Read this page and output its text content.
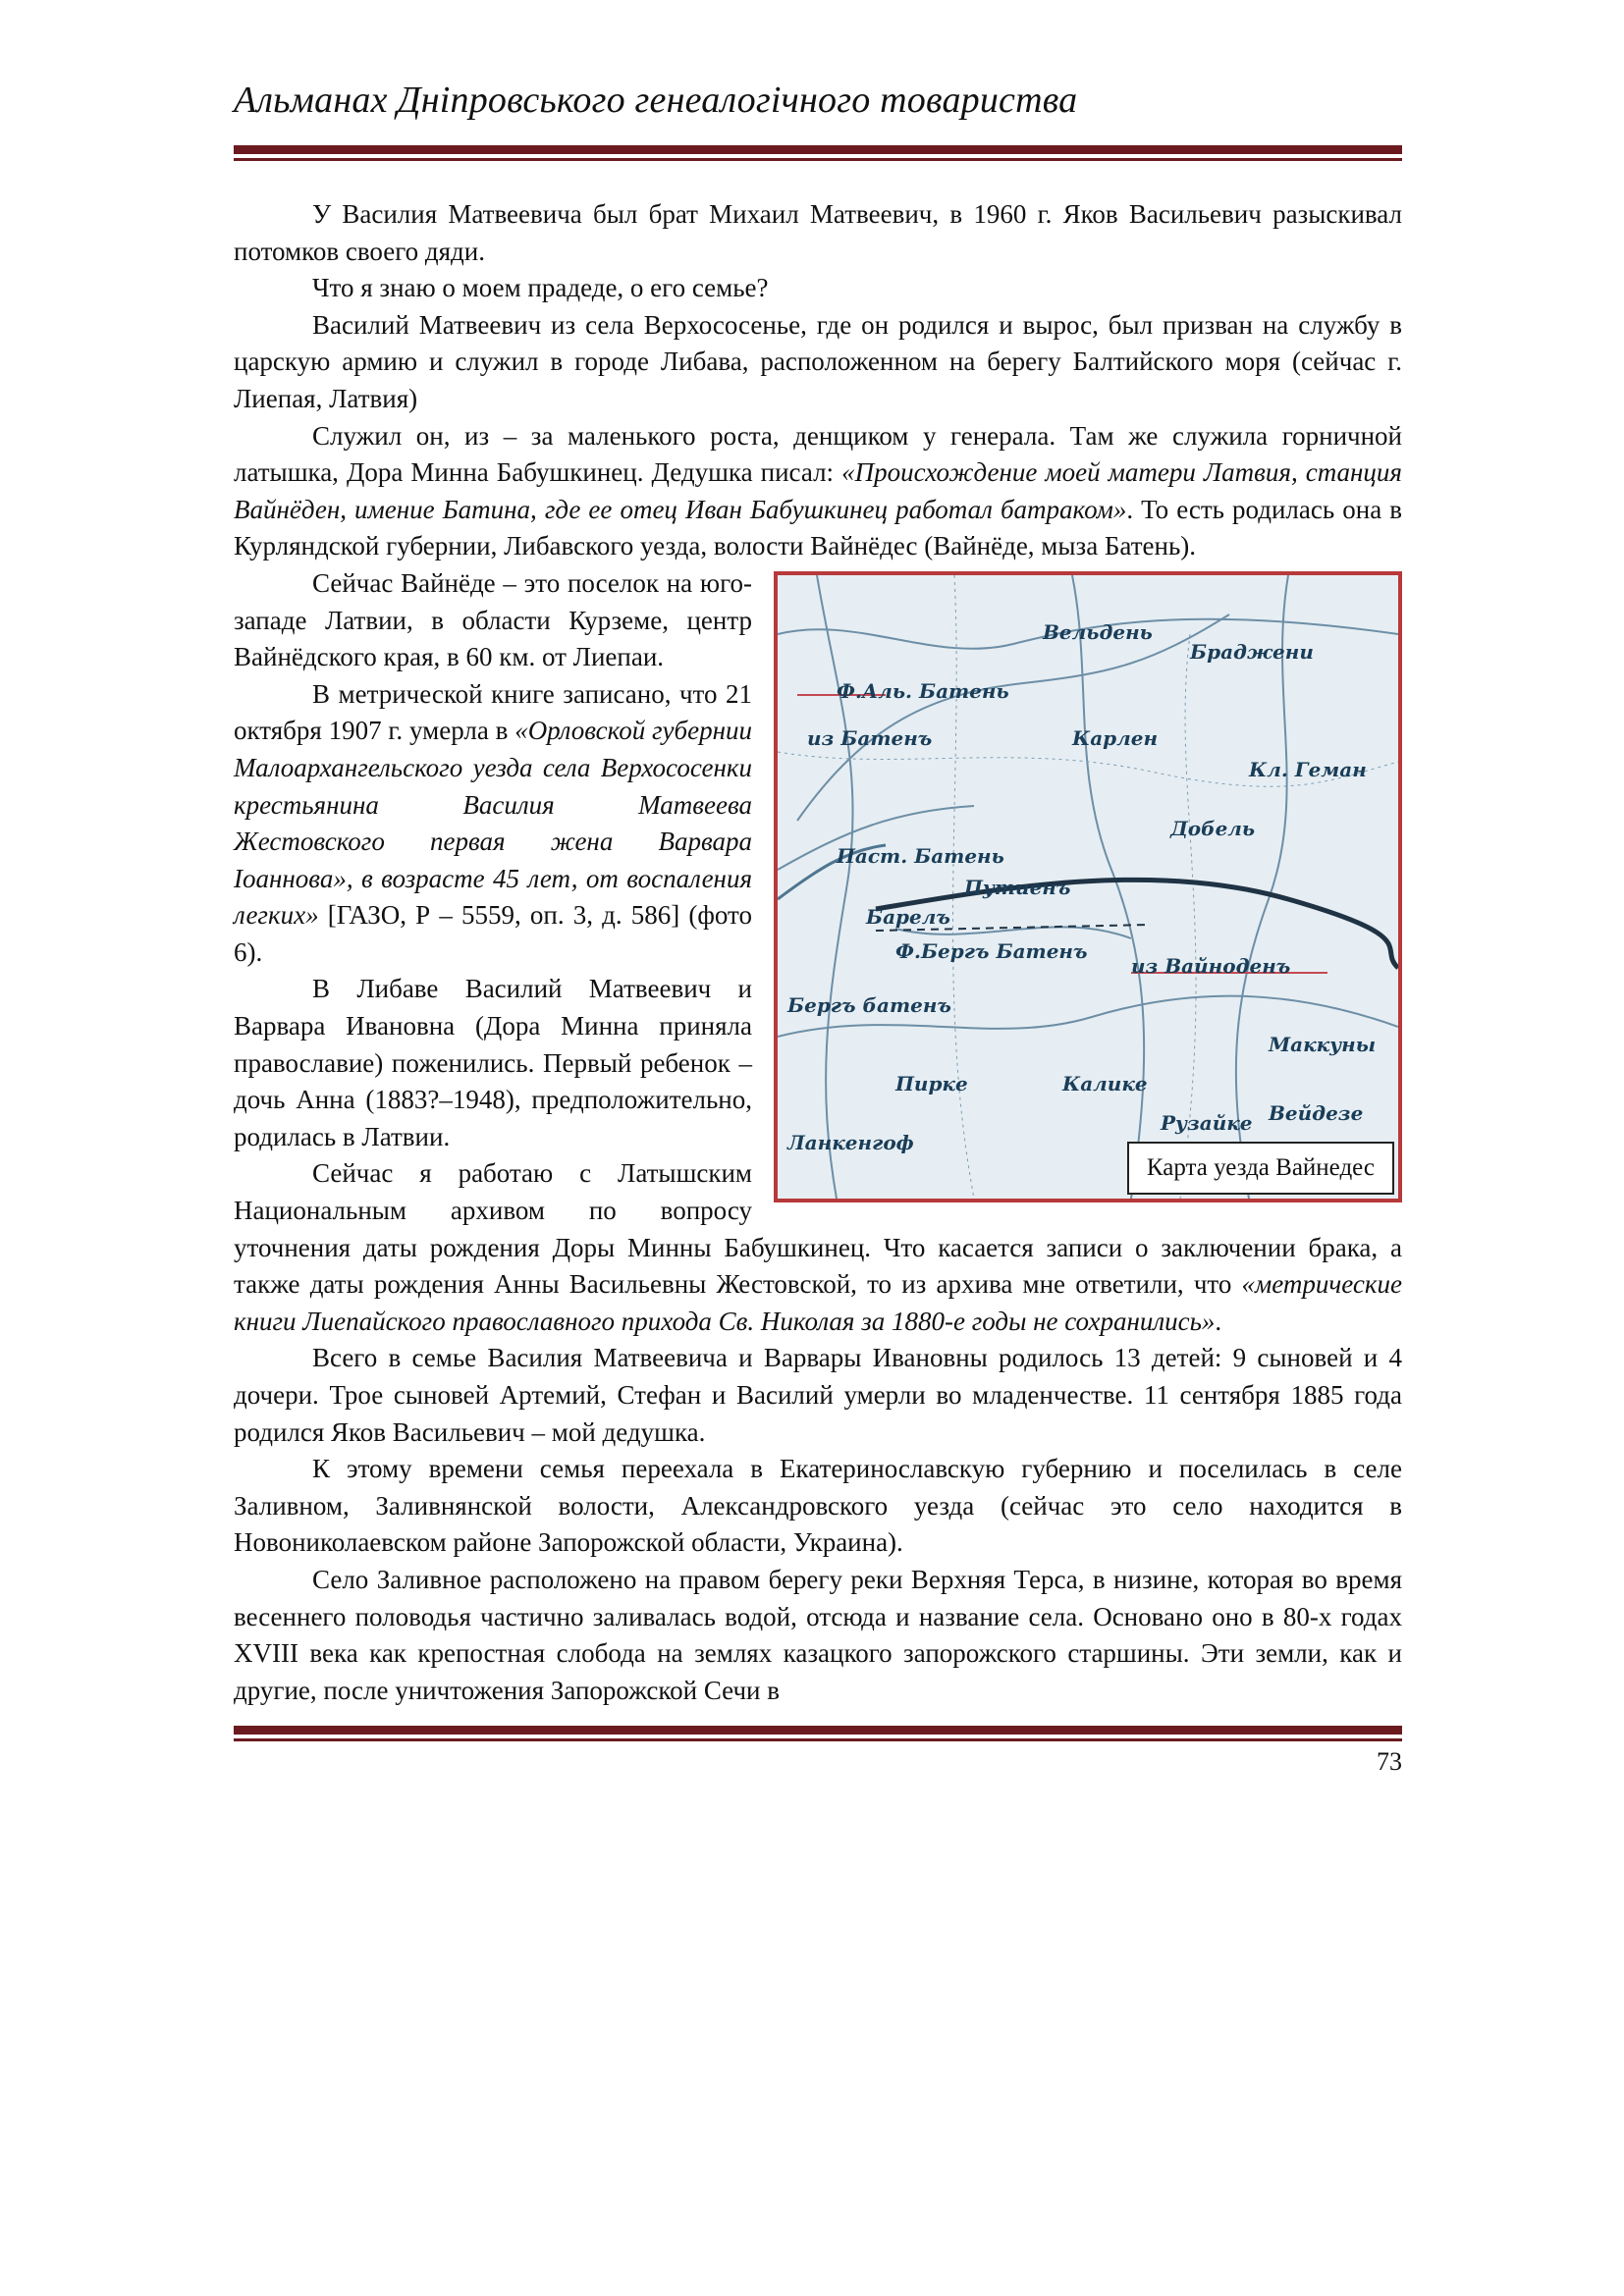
Альманах Дніпровського генеалогічного товариства

У Василия Матвеевича был брат Михаил Матвеевич, в 1960 г. Яков Васильевич разыскивал потомков своего дяди.

Что я знаю о моем прадеде, о его семье?

Василий Матвеевич из села Верхососенье, где он родился и вырос, был призван на службу в царскую армию и служил в городе Либава, расположенном на берегу Балтийского моря (сейчас г. Лиепая, Латвия)

Служил он, из – за маленького роста, денщиком у генерала. Там же служила горничной латышка, Дора Минна Бабушкинец. Дедушка писал: «Происхождение моей матери Латвия, станция Вайнёден, имение Батина, где ее отец Иван Бабушкинец работал батраком». То есть родилась она в Курляндской губернии, Либавского уезда, волости Вайнёдес (Вайнёде, мыза Батень).

Вельдень
Браджени
Ф.Аль. Батень
из Батенъ	Карлен
Кл. Геман
Добель
Паст. Батень
Путиенъ
Барелъ
Ф.Бергъ Батенъ
из Вайноденъ
Бергъ батенъ
Пирке	Калике
Рузайке
Ланкенгоф
Маккуны
Вейдезе
Карта уезда Вайнедес

Сейчас Вайнёде – это поселок на юго-западе Латвии, в области Курземе, центр Вайнёдского края, в 60 км. от Лиепаи.

В метрической книге записано, что 21 октября 1907 г. умерла в «Орловской губернии Малоархангельского уезда села Верхососенки крестьянина Василия Матвеева Жестовского первая жена Варвара Іоаннова», в возрасте 45 лет, от воспаления легких» [ГАЗО, Р – 5559, оп. 3, д. 586] (фото 6).

В Либаве Василий Матвеевич и Варвара Ивановна (Дора Минна приняла православие) поженились. Первый ребенок – дочь Анна (1883?–1948), предположительно, родилась в Латвии.

Сейчас я работаю с Латышским Национальным архивом по вопросу уточнения даты рождения Доры Минны Бабушкинец. Что касается записи о заключении брака, а также даты рождения Анны Васильевны Жестовской, то из архива мне ответили, что «метрические книги Лиепайского православного прихода Св. Николая за 1880-е годы не сохранились».

Всего в семье Василия Матвеевича и Варвары Ивановны родилось 13 детей: 9 сыновей и 4 дочери. Трое сыновей Артемий, Стефан и Василий умерли во младенчестве. 11 сентября 1885 года родился Яков Васильевич – мой дедушка.

К этому времени семья переехала в Екатеринославскую губернию и поселилась в селе Заливном, Заливнянской волости, Александровского уезда (сейчас это село находится в Новониколаевском районе Запорожской области, Украина).

Село Заливное расположено на правом берегу реки Верхняя Терса, в низине, которая во время весеннего половодья частично заливалась водой, отсюда и название села. Основано оно в 80-х годах XVIII века как крепостная слобода на землях казацкого запорожского старшины. Эти земли, как и другие, после уничтожения Запорожской Сечи в

73
